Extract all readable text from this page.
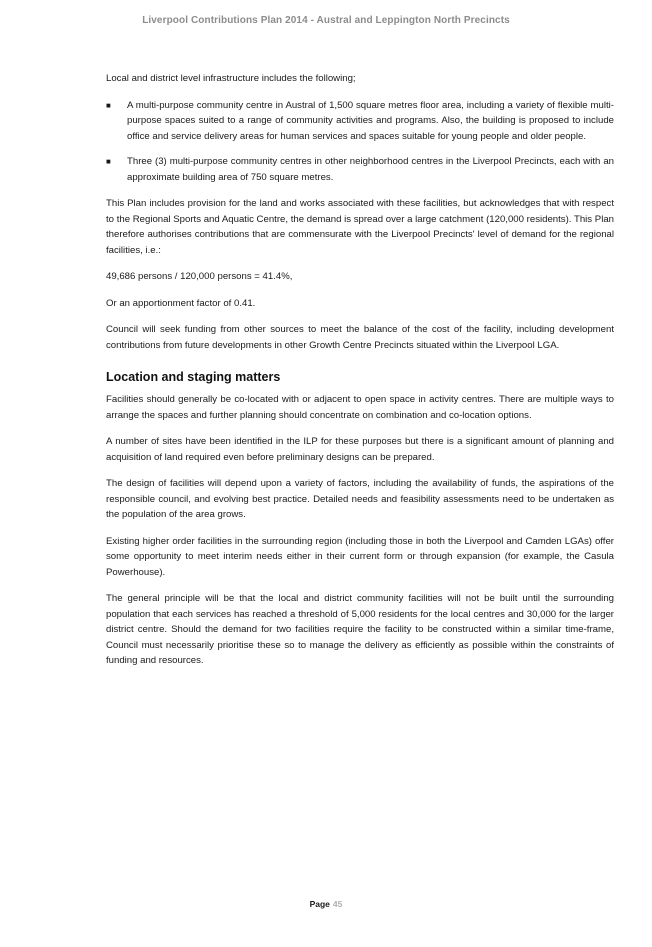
Liverpool Contributions Plan 2014 - Austral and Leppington North Precincts

Local and district level infrastructure includes the following;

■ A multi-purpose community centre in Austral of 1,500 square metres floor area, including a variety of flexible multi-purpose spaces suited to a range of community activities and programs. Also, the building is proposed to include office and service delivery areas for human services and spaces suitable for young people and older people.
■ Three (3) multi-purpose community centres in other neighborhood centres in the Liverpool Precincts, each with an approximate building area of 750 square metres.

This Plan includes provision for the land and works associated with these facilities, but acknowledges that with respect to the Regional Sports and Aquatic Centre, the demand is spread over a large catchment (120,000 residents). This Plan therefore authorises contributions that are commensurate with the Liverpool Precincts' level of demand for the regional facilities, i.e.:

49,686 persons / 120,000 persons = 41.4%,

Or an apportionment factor of 0.41.

Council will seek funding from other sources to meet the balance of the cost of the facility, including development contributions from future developments in other Growth Centre Precincts situated within the Liverpool LGA.

Location and staging matters

Facilities should generally be co-located with or adjacent to open space in activity centres. There are multiple ways to arrange the spaces and further planning should concentrate on combination and co-location options.

A number of sites have been identified in the ILP for these purposes but there is a significant amount of planning and acquisition of land required even before preliminary designs can be prepared.

The design of facilities will depend upon a variety of factors, including the availability of funds, the aspirations of the responsible council, and evolving best practice. Detailed needs and feasibility assessments need to be undertaken as the population of the area grows.

Existing higher order facilities in the surrounding region (including those in both the Liverpool and Camden LGAs) offer some opportunity to meet interim needs either in their current form or through expansion (for example, the Casula Powerhouse).

The general principle will be that the local and district community facilities will not be built until the surrounding population that each services has reached a threshold of 5,000 residents for the local centres and 30,000 for the larger district centre. Should the demand for two facilities require the facility to be constructed within a similar time-frame, Council must necessarily prioritise these so to manage the delivery as efficiently as possible within the constraints of funding and resources.

Page 45
